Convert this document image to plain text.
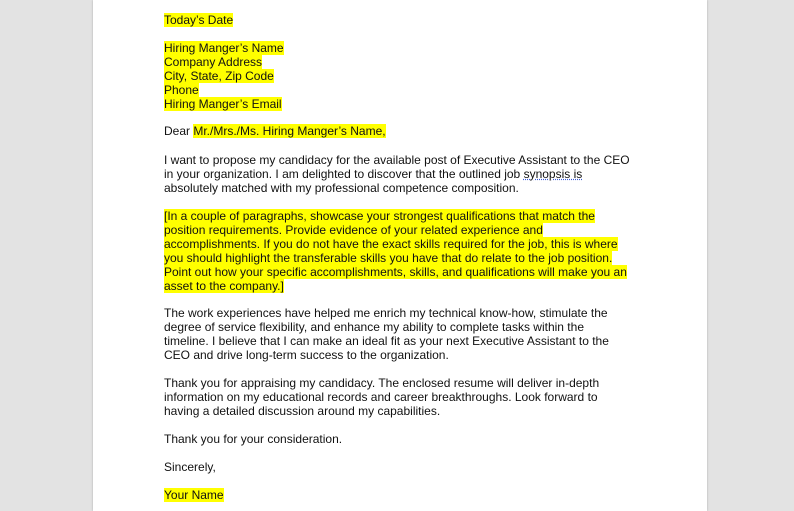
Today’s Date
Hiring Manger’s Name
Company Address
City, State, Zip Code
Phone
Hiring Manger’s Email
Dear Mr./Mrs./Ms. Hiring Manger’s Name,
I want to propose my candidacy for the available post of Executive Assistant to the CEO
in your organization. I am delighted to discover that the outlined job synopsis is
absolutely matched with my professional competence composition.
[In a couple of paragraphs, showcase your strongest qualifications that match the
position requirements. Provide evidence of your related experience and
accomplishments. If you do not have the exact skills required for the job, this is where
you should highlight the transferable skills you have that do relate to the job position.
Point out how your specific accomplishments, skills, and qualifications will make you an
asset to the company.]
The work experiences have helped me enrich my technical know-how, stimulate the
degree of service flexibility, and enhance my ability to complete tasks within the
timeline. I believe that I can make an ideal fit as your next Executive Assistant to the
CEO and drive long-term success to the organization.
Thank you for appraising my candidacy. The enclosed resume will deliver in-depth
information on my educational records and career breakthroughs. Look forward to
having a detailed discussion around my capabilities.
Thank you for your consideration.
Sincerely,
Your Name
